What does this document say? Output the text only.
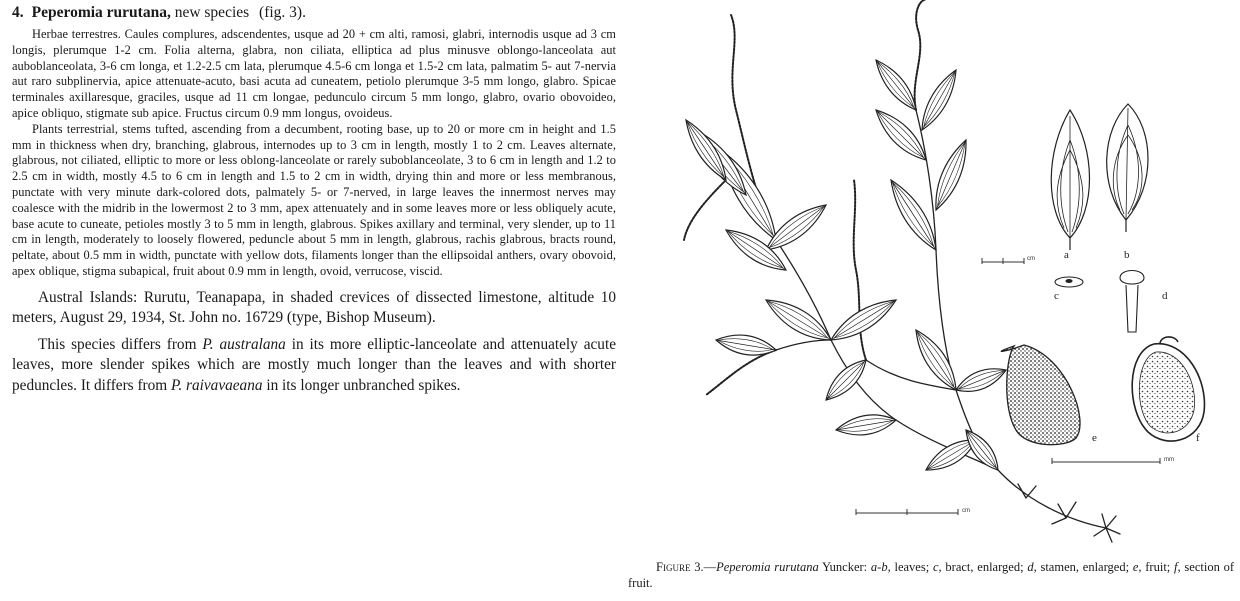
4. Peperomia rurutana, new species (fig. 3).

Herbae terrestres. Caules complures, adscendentes, usque ad 20 + cm alti, ramosi, glabri, internodis usque ad 3 cm longis, plerumque 1-2 cm. Folia alterna, glabra, non ciliata, elliptica ad plus minusve oblongo-lanceolata aut auboblanceolata, 3-6 cm longa, et 1.2-2.5 cm lata, plerumque 4.5-6 cm longa et 1.5-2 cm lata, palmatim 5- aut 7-nervia aut raro subplinervia, apice attenuate-acuto, basi acuta ad cuneatem, petiolo plerumque 3-5 mm longo, glabro. Spicae terminales axillaresque, graciles, usque ad 11 cm longae, pedunculo circum 5 mm longo, glabro, ovario obovoideo, apice obliquo, stigmate sub apice. Fructus circum 0.9 mm longus, ovoideus.

Plants terrestrial, stems tufted, ascending from a decumbent, rooting base, up to 20 or more cm in height and 1.5 mm in thickness when dry, branching, glabrous, internodes up to 3 cm in length, mostly 1 to 2 cm. Leaves alternate, glabrous, not ciliated, elliptic to more or less oblong-lanceolate or rarely suboblanceolate, 3 to 6 cm in length and 1.2 to 2.5 cm in width, mostly 4.5 to 6 cm in length and 1.5 to 2 cm in width, drying thin and more or less membranous, punctate with very minute dark-colored dots, palmately 5- or 7-nerved, in large leaves the innermost nerves may coalesce with the midrib in the lowermost 2 to 3 mm, apex attenuately and in some leaves more or less obliquely acute, base acute to cuneate, petioles mostly 3 to 5 mm in length, glabrous. Spikes axillary and terminal, very slender, up to 11 cm in length, moderately to loosely flowered, peduncle about 5 mm in length, glabrous, rachis glabrous, bracts round, peltate, about 0.5 mm in width, punctate with yellow dots, filaments longer than the ellipsoidal anthers, ovary obovoid, apex oblique, stigma subapical, fruit about 0.9 mm in length, ovoid, verrucose, viscid.

Austral Islands: Rurutu, Teanapapa, in shaded crevices of dissected limestone, altitude 10 meters, August 29, 1934, St. John no. 16729 (type, Bishop Museum).

This species differs from P. australana in its more elliptic-lanceolate and attenuately acute leaves, more slender spikes which are mostly much longer than the leaves and with shorter peduncles. It differs from P. raivavaeana in its longer unbranched spikes.

a	b
c	d
e	f
cm
mm
cm

Figure 3.—Peperomia rurutana Yuncker: a-b, leaves; c, bract, enlarged; d, stamen, enlarged; e, fruit; f, section of fruit.
